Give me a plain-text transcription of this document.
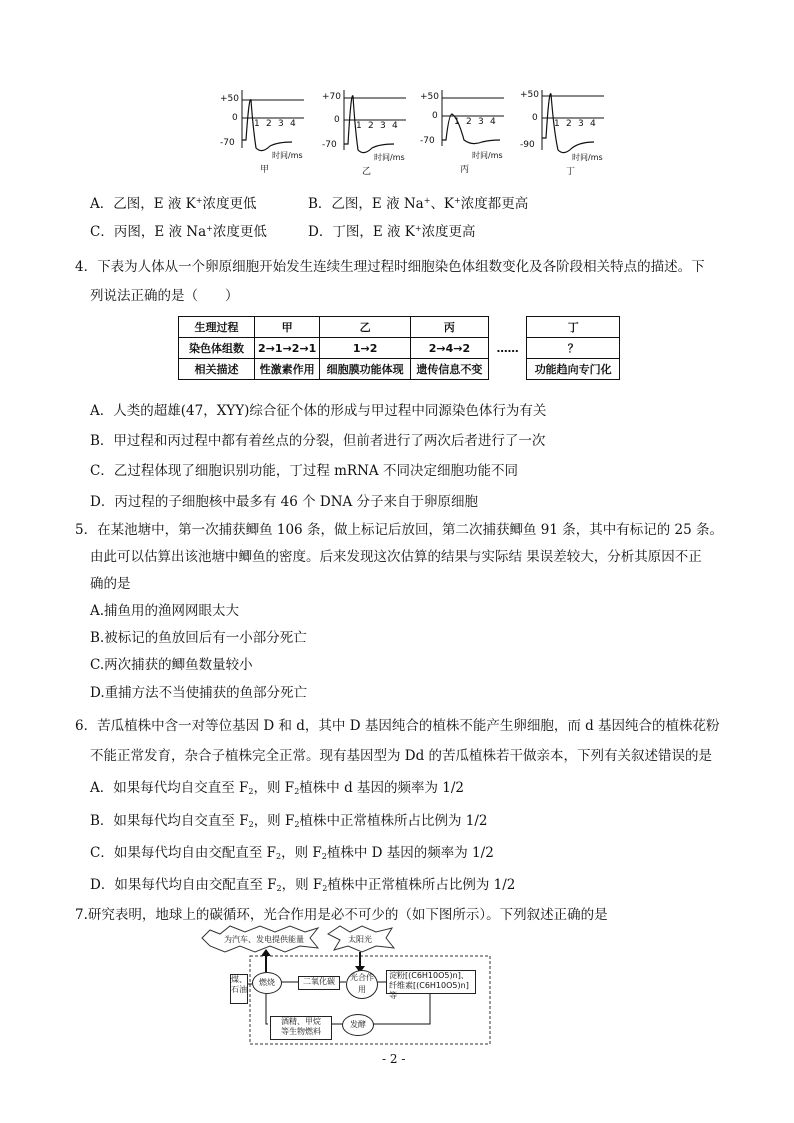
+50
0
-70
1 2 3 4
时间/ms
甲
+70
0
-70
1 2 3 4
时间/ms
乙
+50
0
-70
1 2 3 4
时间/ms
丙
+50
0
-90
1 2 3 4
时间/ms
丁
A．乙图，E 液 K+浓度更低	B．乙图，E 液 Na+、K+浓度都更高
C．丙图，E 液 Na+浓度更低	D．丁图，E 液 K+浓度更高
4．下表为人体从一个卵原细胞开始发生连续生理过程时细胞染色体组数变化及各阶段相关特点的描述。下
列说法正确的是（　　）
生理过程	甲	乙	丙	……	丁
染色体组数	2→1→2→1	1→2	2→4→2		？
相关描述	性激素作用	细胞膜功能体现	遗传信息不变		功能趋向专门化
A．人类的超雄(47，XYY)综合征个体的形成与甲过程中同源染色体行为有关
B．甲过程和丙过程中都有着丝点的分裂，但前者进行了两次后者进行了一次
C．乙过程体现了细胞识别功能，丁过程 mRNA 不同决定细胞功能不同
D．丙过程的子细胞核中最多有 46 个 DNA 分子来自于卵原细胞
5．在某池塘中，第一次捕获鲫鱼 106 条，做上标记后放回，第二次捕获鲫鱼 91 条，其中有标记的 25 条。
由此可以估算出该池塘中鲫鱼的密度。后来发现这次估算的结果与实际结 果误差较大，分析其原因不正
确的是
A.捕鱼用的渔网网眼太大
B.被标记的鱼放回后有一小部分死亡
C.两次捕获的鲫鱼数量较小
D.重捕方法不当使捕获的鱼部分死亡
6．苦瓜植株中含一对等位基因 D 和 d，其中 D 基因纯合的植株不能产生卵细胞，而 d 基因纯合的植株花粉
不能正常发育，杂合子植株完全正常。现有基因型为 Dd 的苦瓜植株若干做亲本，下列有关叙述错误的是
A．如果每代均自交直至 $F_2$，则 $F_2$植株中 d 基因的频率为 1/2
B．如果每代均自交直至 $F_2$，则 $F_2$植株中正常植株所占比例为 1/2
C．如果每代均自由交配直至 $F_2$，则 $F_2$植株中 D 基因的频率为 1/2
D．如果每代均自由交配直至 $F_2$，则 $F_2$植株中正常植株所占比例为 1/2
7.研究表明，地球上的碳循环，光合作用是必不可少的（如下图所示）。下列叙述正确的是
煤、石油
为汽车、发电提供能量	太阳光
燃烧	二氧化碳	光合作用
淀粉[(C6H10O5)n]、
纤维素[(C6H10O5)n]等
酒精、甲烷
等生物燃料
发酵
- 2 -
